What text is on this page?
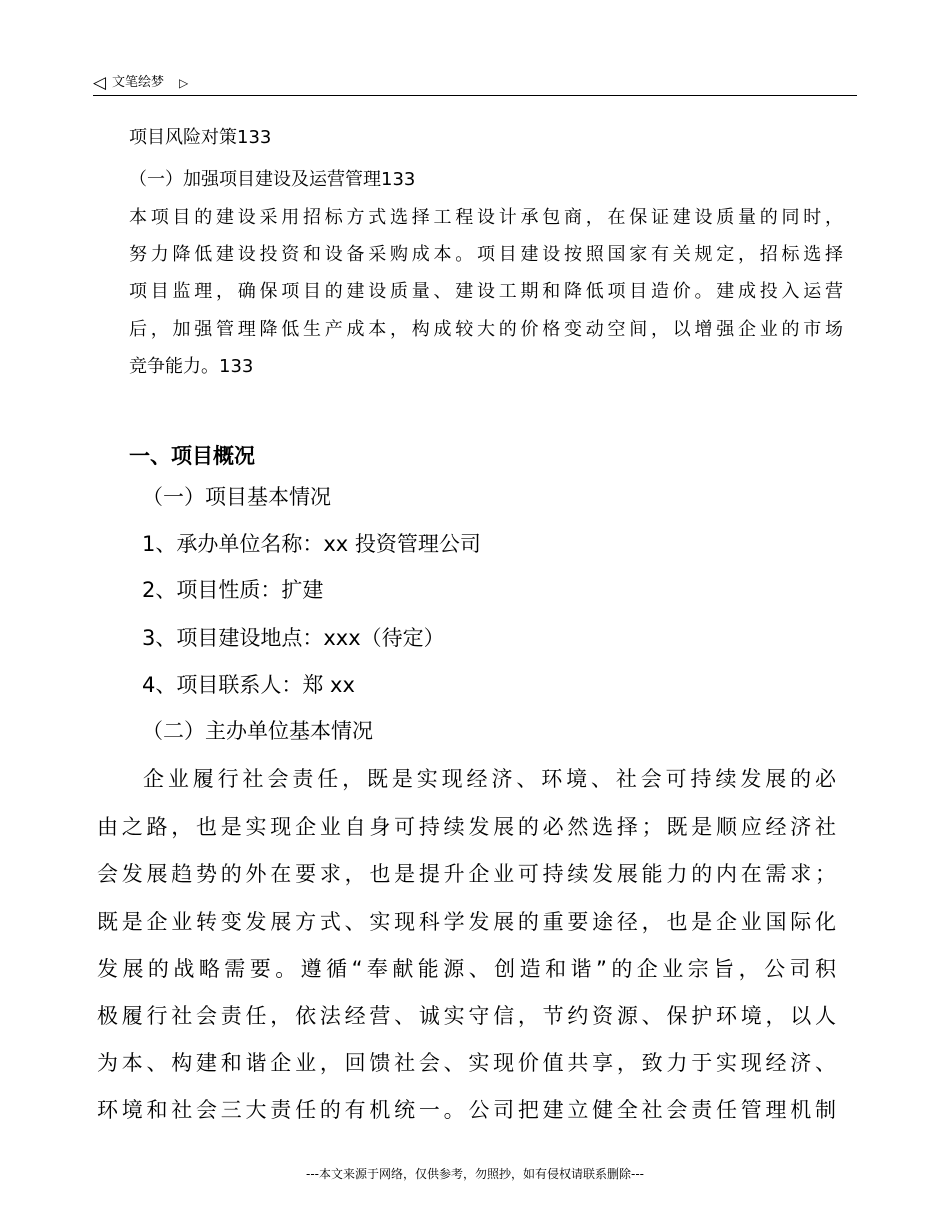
◁ 文笔绘梦 ▷
项目风险对策133
（一）加强项目建设及运营管理133
本项目的建设采用招标方式选择工程设计承包商，在保证建设质量的同时，
努力降低建设投资和设备采购成本。项目建设按照国家有关规定，招标选择
项目监理，确保项目的建设质量、建设工期和降低项目造价。建成投入运营
后，加强管理降低生产成本，构成较大的价格变动空间，以增强企业的市场
竞争能力。133
一、项目概况
（一）项目基本情况
1、承办单位名称：xx 投资管理公司
2、项目性质：扩建
3、项目建设地点：xxx（待定）
4、项目联系人：郑 xx
（二）主办单位基本情况
企业履行社会责任，既是实现经济、环境、社会可持续发展的必
由之路，也是实现企业自身可持续发展的必然选择；既是顺应经济社
会发展趋势的外在要求，也是提升企业可持续发展能力的内在需求；
既是企业转变发展方式、实现科学发展的重要途径，也是企业国际化
发展的战略需要。遵循“奉献能源、创造和谐”的企业宗旨，公司积
极履行社会责任，依法经营、诚实守信，节约资源、保护环境，以人
为本、构建和谐企业，回馈社会、实现价值共享，致力于实现经济、
环境和社会三大责任的有机统一。公司把建立健全社会责任管理机制
---本文来源于网络，仅供参考，勿照抄，如有侵权请联系删除---
